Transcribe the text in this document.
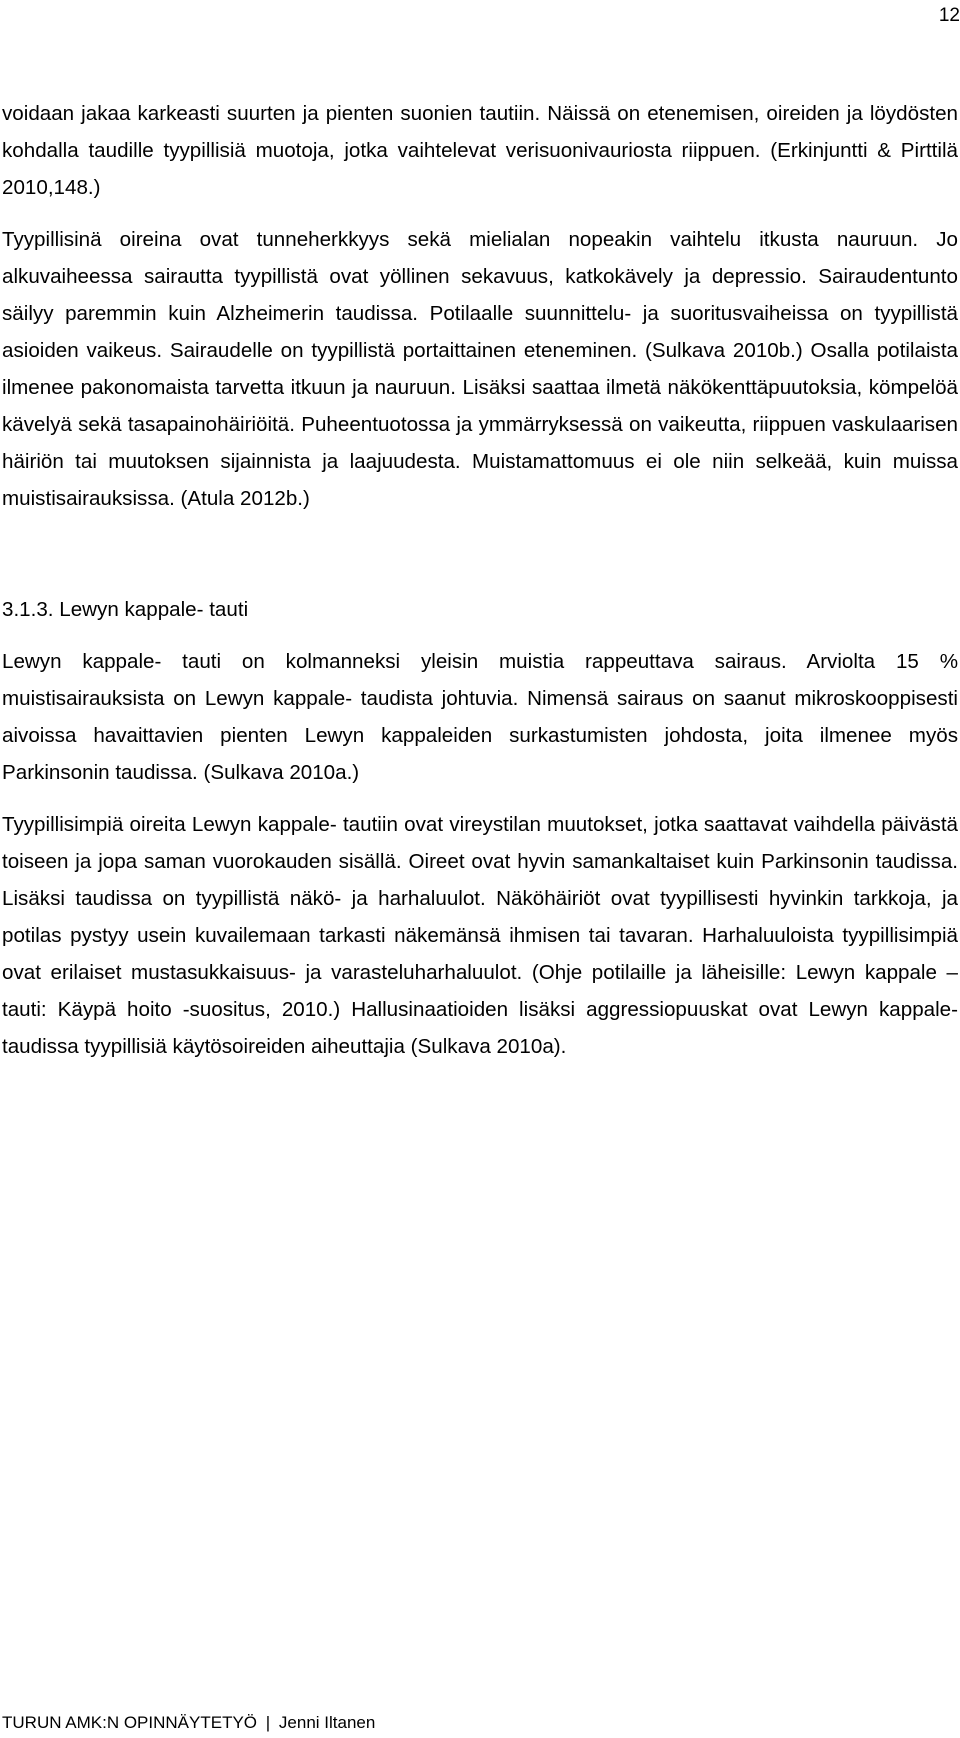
12

voidaan jakaa karkeasti suurten ja pienten suonien tautiin. Näissä on etenemisen, oireiden ja löydösten kohdalla taudille tyypillisiä muotoja, jotka vaihtelevat verisuonivauriosta riippuen. (Erkinjuntti & Pirttilä 2010,148.)

Tyypillisinä oireina ovat tunneherkkyys sekä mielialan nopeakin vaihtelu itkusta nauruun. Jo alkuvaiheessa sairautta tyypillistä ovat yöllinen sekavuus, katkokävely ja depressio. Sairaudentunto säilyy paremmin kuin Alzheimerin taudissa. Potilaalle suunnittelu- ja suoritusvaiheissa on tyypillistä asioiden vaikeus. Sairaudelle on tyypillistä portaittainen eteneminen. (Sulkava 2010b.) Osalla potilaista ilmenee pakonomaista tarvetta itkuun ja nauruun. Lisäksi saattaa ilmetä näkökenttäpuutoksia, kömpelöä kävelyä sekä tasapainohäiriöitä. Puheentuotossa ja ymmärryksessä on vaikeutta, riippuen vaskulaarisen häiriön tai muutoksen sijainnista ja laajuudesta. Muistamattomuus ei ole niin selkeää, kuin muissa muistisairauksissa. (Atula 2012b.)

3.1.3. Lewyn kappale- tauti

Lewyn kappale- tauti on kolmanneksi yleisin muistia rappeuttava sairaus. Arviolta 15 % muistisairauksista on Lewyn kappale- taudista johtuvia. Nimensä sairaus on saanut mikroskooppisesti aivoissa havaittavien pienten Lewyn kappaleiden surkastumisten johdosta, joita ilmenee myös Parkinsonin taudissa. (Sulkava 2010a.)

Tyypillisimpiä oireita Lewyn kappale- tautiin ovat vireystilan muutokset, jotka saattavat vaihdella päivästä toiseen ja jopa saman vuorokauden sisällä. Oireet ovat hyvin samankaltaiset kuin Parkinsonin taudissa. Lisäksi taudissa on tyypillistä näkö- ja harhaluulot. Näköhäiriöt ovat tyypillisesti hyvinkin tarkkoja, ja potilas pystyy usein kuvailemaan tarkasti näkemänsä ihmisen tai tavaran. Harhaluuloista tyypillisimpiä ovat erilaiset mustasukkaisuus- ja varasteluharhaluulot. (Ohje potilaille ja läheisille: Lewyn kappale – tauti: Käypä hoito -suositus, 2010.) Hallusinaatioiden lisäksi aggressiopuuskat ovat Lewyn kappale- taudissa tyypillisiä käytösoireiden aiheuttajia (Sulkava 2010a).

TURUN AMK:N OPINNÄYTETYÖ | Jenni Iltanen
